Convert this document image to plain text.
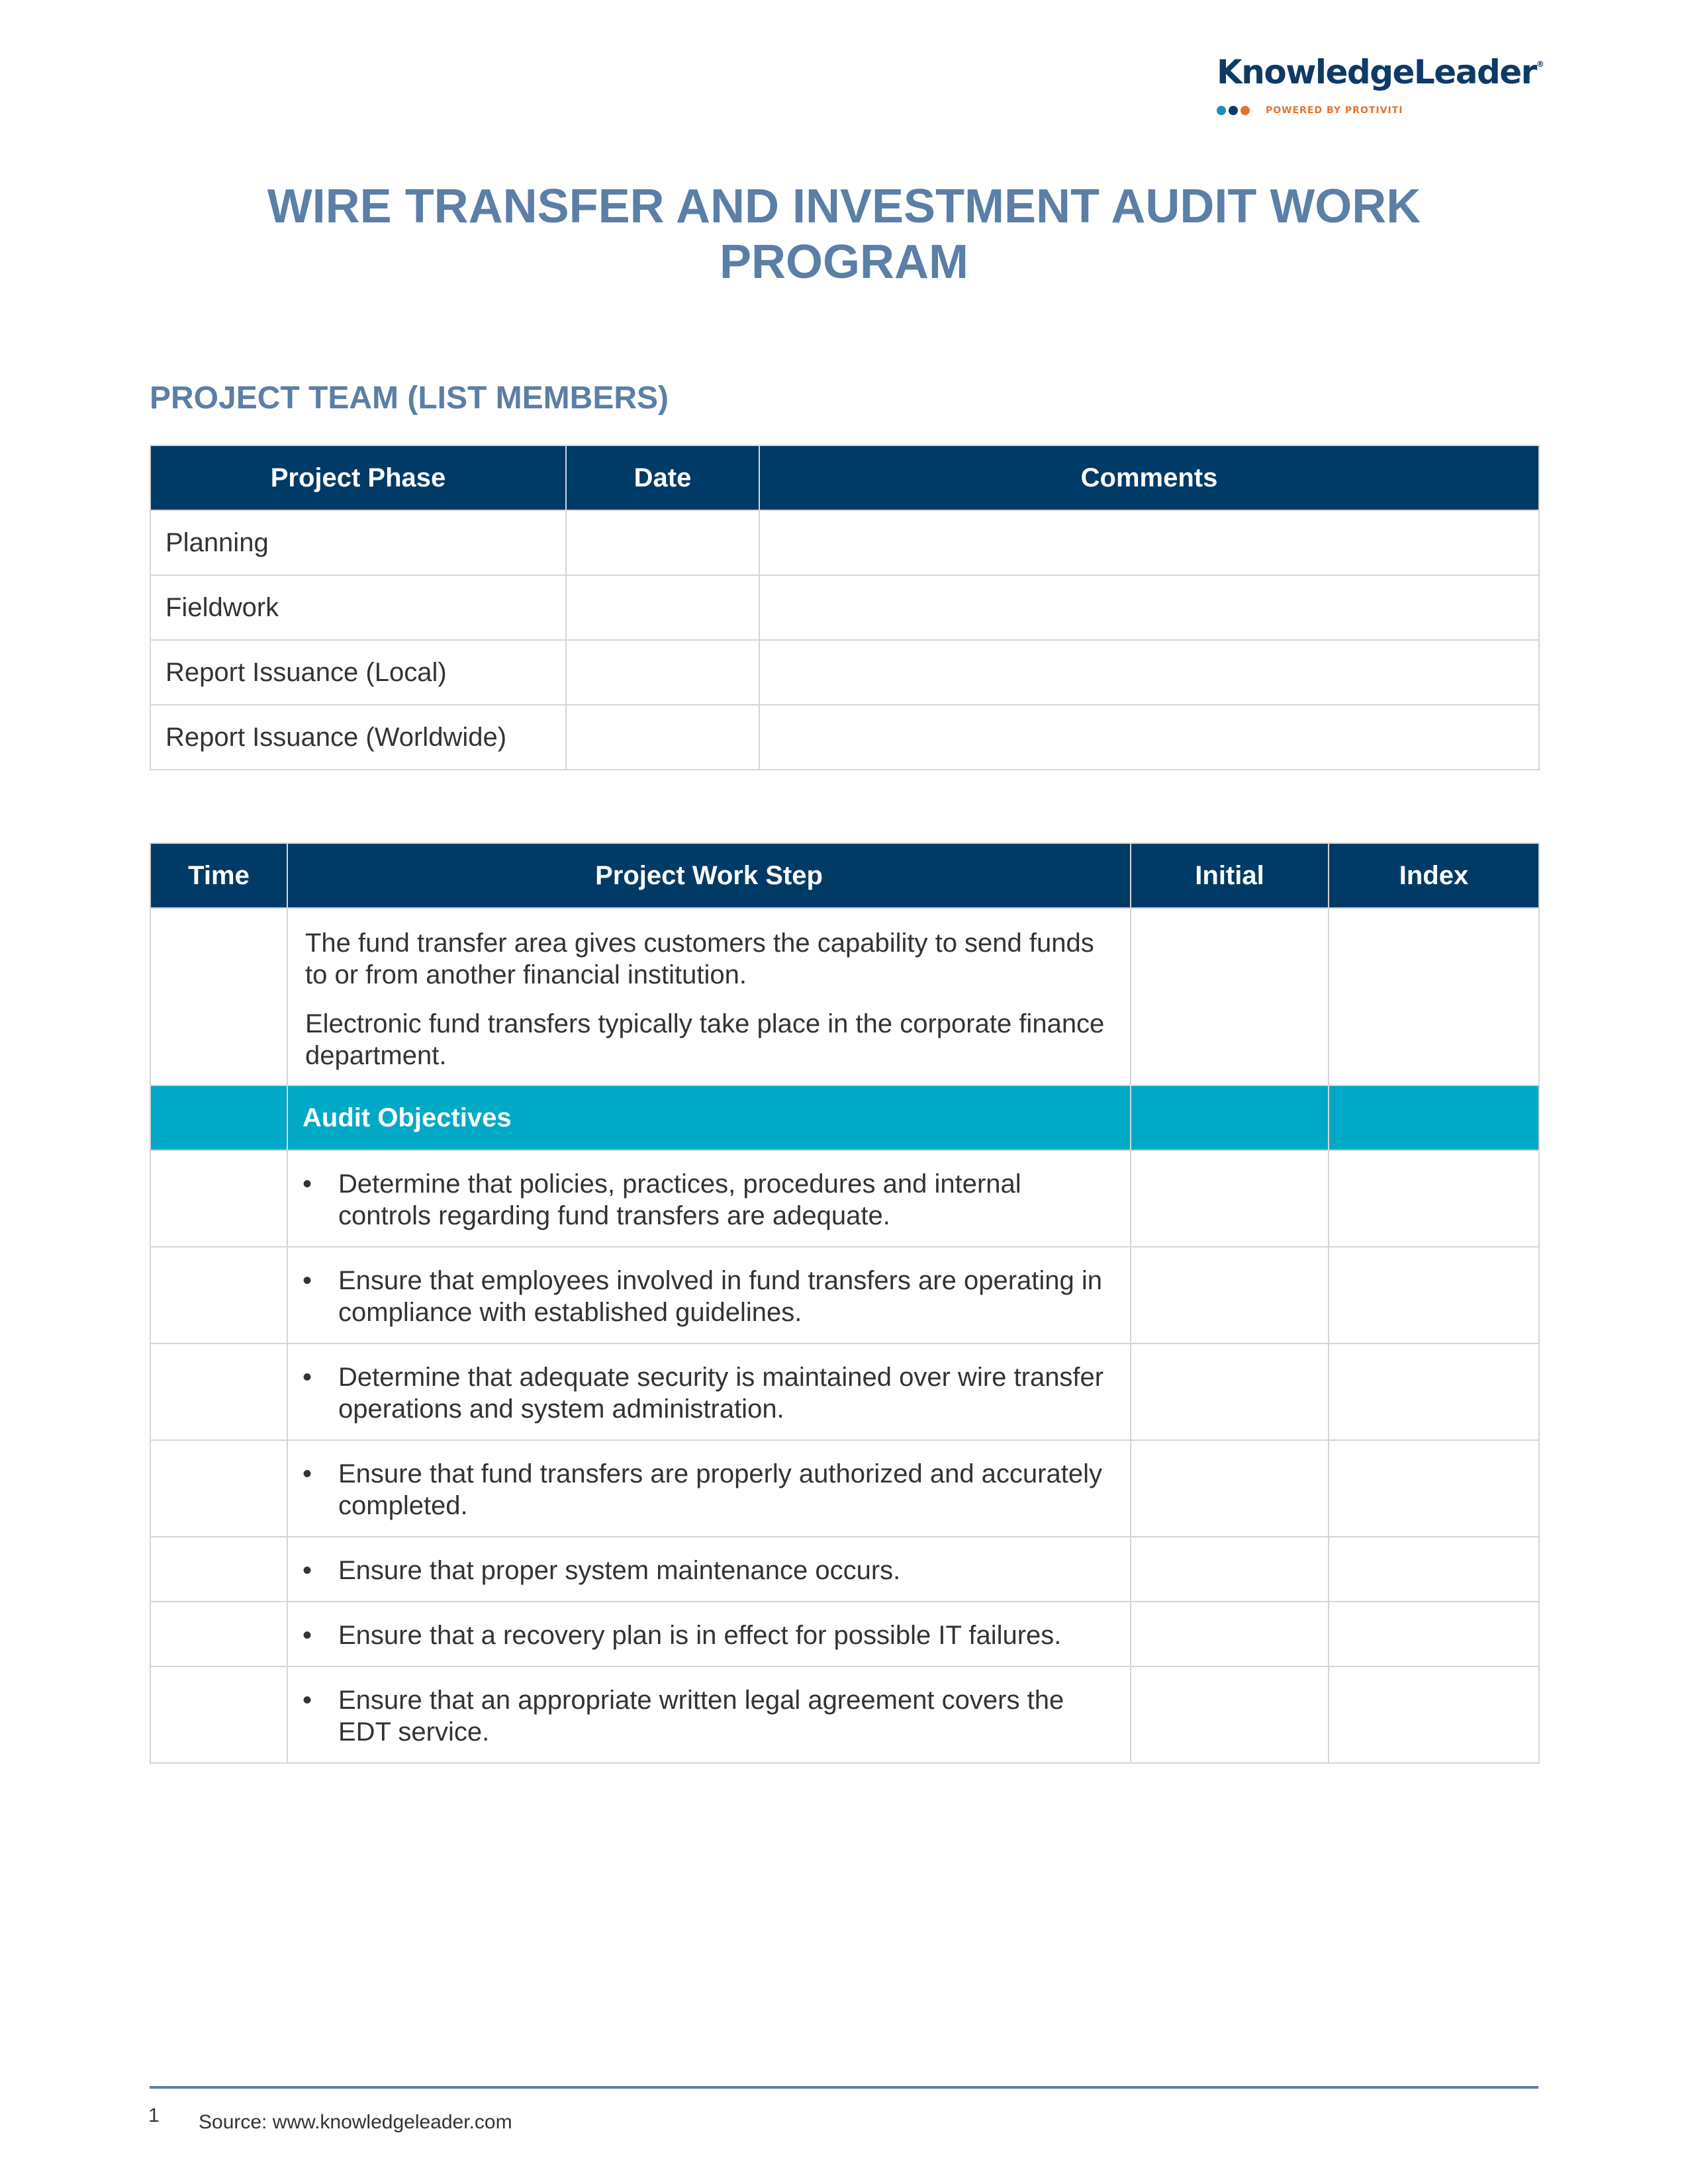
KnowledgeLeader®
POWERED BY PROTIVITI
WIRE TRANSFER AND INVESTMENT AUDIT WORK PROGRAM
PROJECT TEAM (LIST MEMBERS)
Project Phase	Date	Comments
Planning		
Fieldwork		
Report Issuance (Local)		
Report Issuance (Worldwide)		
Time	Project Work Step	Initial	Index

	The fund transfer area gives customers the capability to send funds to or from another financial institution.

Electronic fund transfers typically take place in the corporate finance department.		

	Audit Objectives		

	• Determine that policies, practices, procedures and internal controls regarding fund transfers are adequate.		

	• Ensure that employees involved in fund transfers are operating in compliance with established guidelines.		

	• Determine that adequate security is maintained over wire transfer operations and system administration.		

	• Ensure that fund transfers are properly authorized and accurately completed.		

	• Ensure that proper system maintenance occurs.		

	• Ensure that a recovery plan is in effect for possible IT failures.		

	• Ensure that an appropriate written legal agreement covers the EDT service.		

1 Source: www.knowledgeleader.com
